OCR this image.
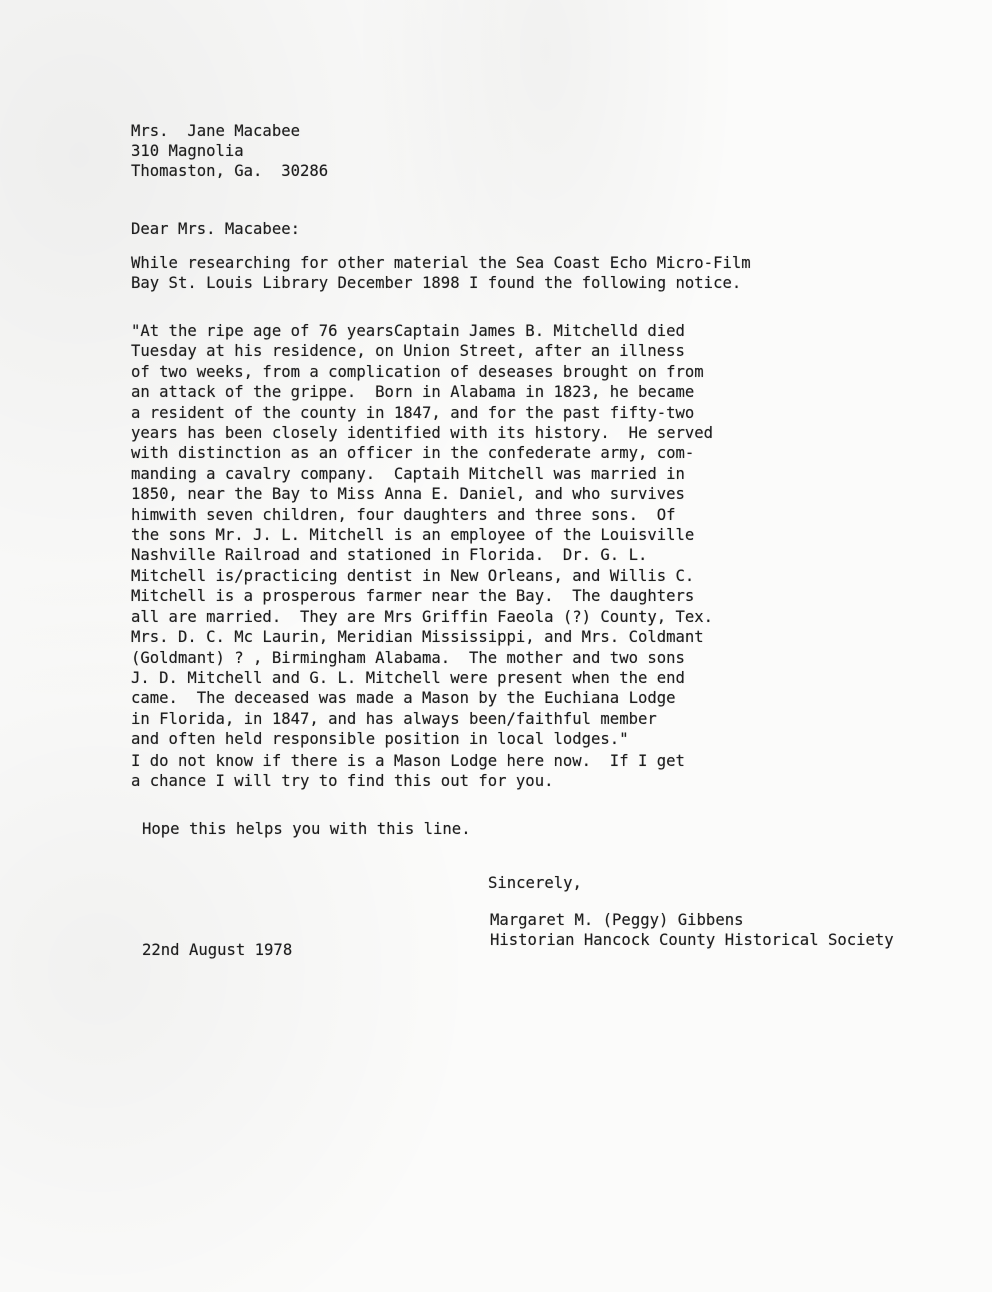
Mrs.  Jane Macabee
310 Magnolia
Thomaston, Ga.  30286
Dear Mrs. Macabee:
While researching for other material the Sea Coast Echo Micro-Film
Bay St. Louis Library December 1898 I found the following notice.
"At the ripe age of 76 yearsCaptain James B. Mitchelld died
Tuesday at his residence, on Union Street, after an illness
of two weeks, from a complication of deseases brought on from
an attack of the grippe.  Born in Alabama in 1823, he became
a resident of the county in 1847, and for the past fifty-two
years has been closely identified with its history.  He served
with distinction as an officer in the confederate army, com-
manding a cavalry company.  Captaih Mitchell was married in
1850, near the Bay to Miss Anna E. Daniel, and who survives
himwith seven children, four daughters and three sons.  Of
the sons Mr. J. L. Mitchell is an employee of the Louisville
Nashville Railroad and stationed in Florida.  Dr. G. L.
Mitchell is/practicing dentist in New Orleans, and Willis C.
Mitchell is a prosperous farmer near the Bay.  The daughters
all are married.  They are Mrs Griffin Faeola (?) County, Tex.
Mrs. D. C. Mc Laurin, Meridian Mississippi, and Mrs. Coldmant
(Goldmant) ? , Birmingham Alabama.  The mother and two sons
J. D. Mitchell and G. L. Mitchell were present when the end
came.  The deceased was made a Mason by the Euchiana Lodge
in Florida, in 1847, and has always been/faithful member
and often held responsible position in local lodges."
I do not know if there is a Mason Lodge here now.  If I get
a chance I will try to find this out for you.
Hope this helps you with this line.
Sincerely,
Margaret M. (Peggy) Gibbens
Historian Hancock County Historical Society
22nd August 1978
